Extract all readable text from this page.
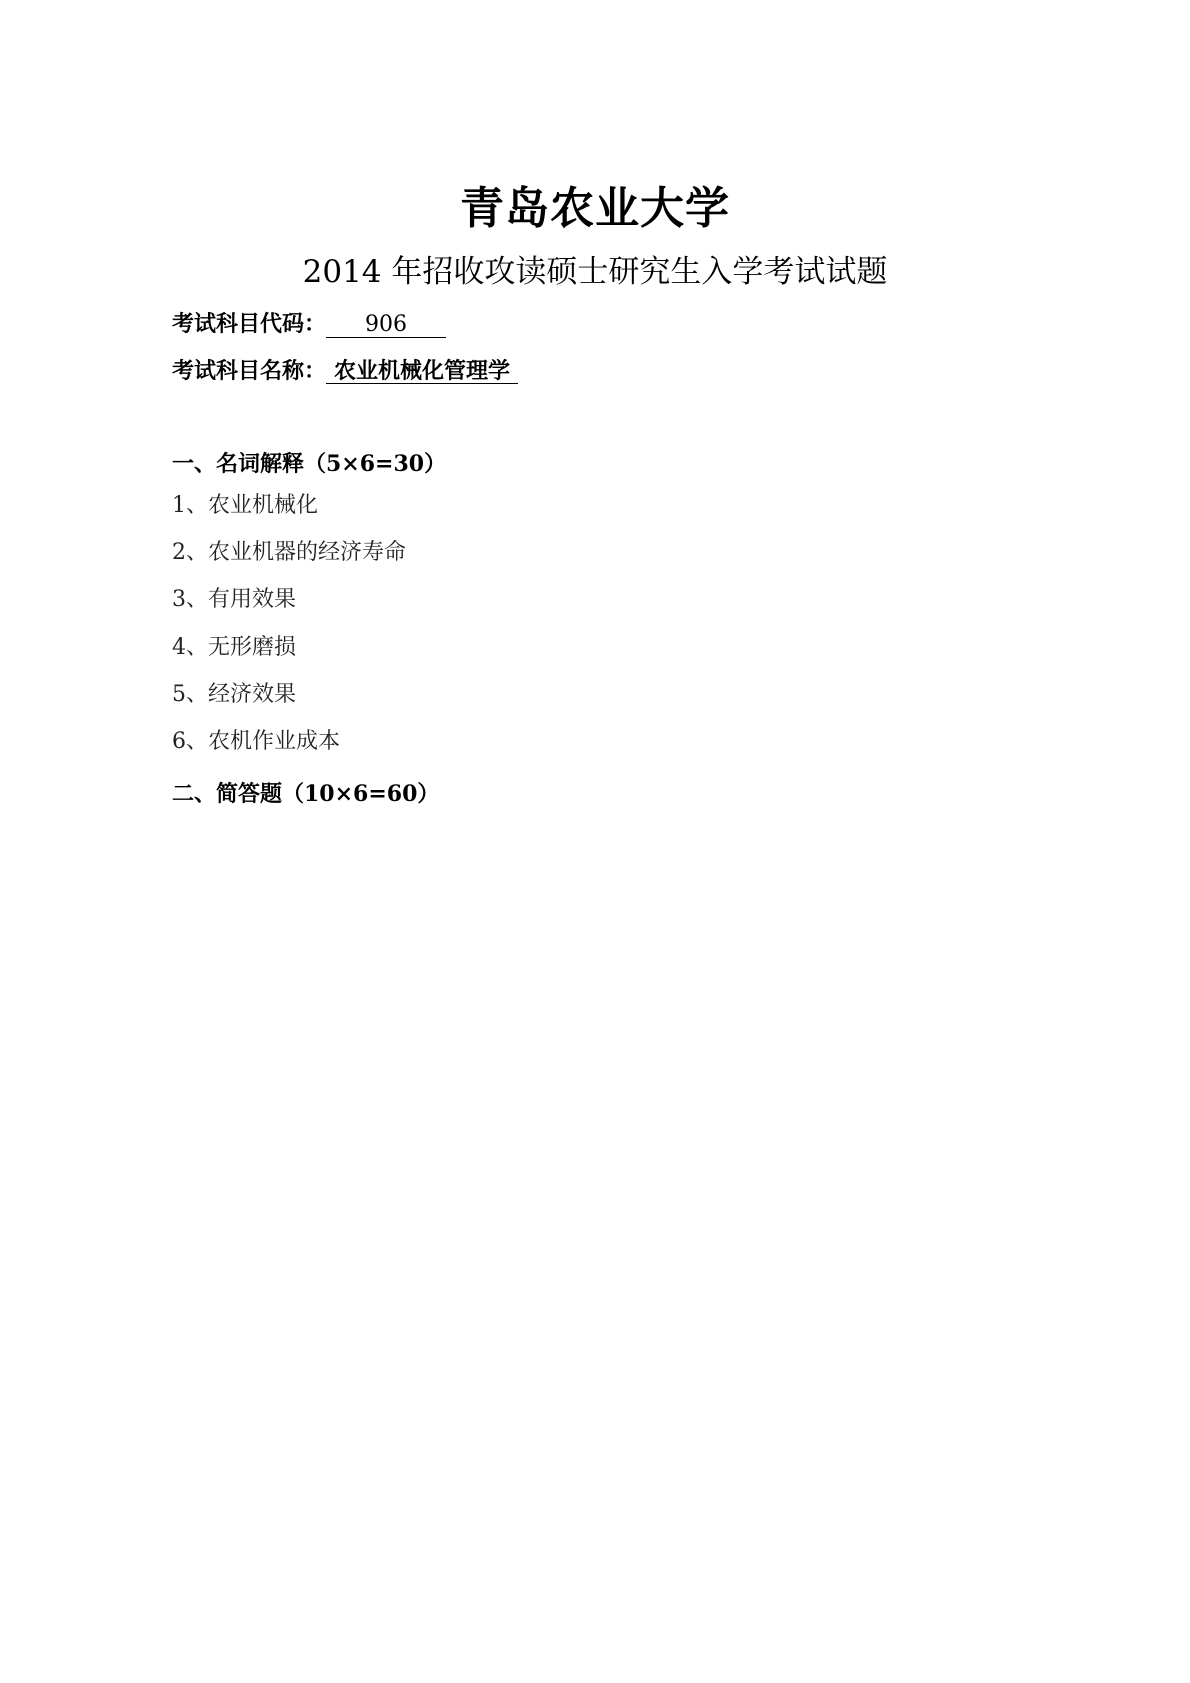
青岛农业大学
2014 年招收攻读硕士研究生入学考试试题
考试科目代码： 906
考试科目名称： 农业机械化管理学
一、名词解释（5×6=30）
1、农业机械化
2、农业机器的经济寿命
3、有用效果
4、无形磨损
5、经济效果
6、农机作业成本
二、简答题（10×6=60）
